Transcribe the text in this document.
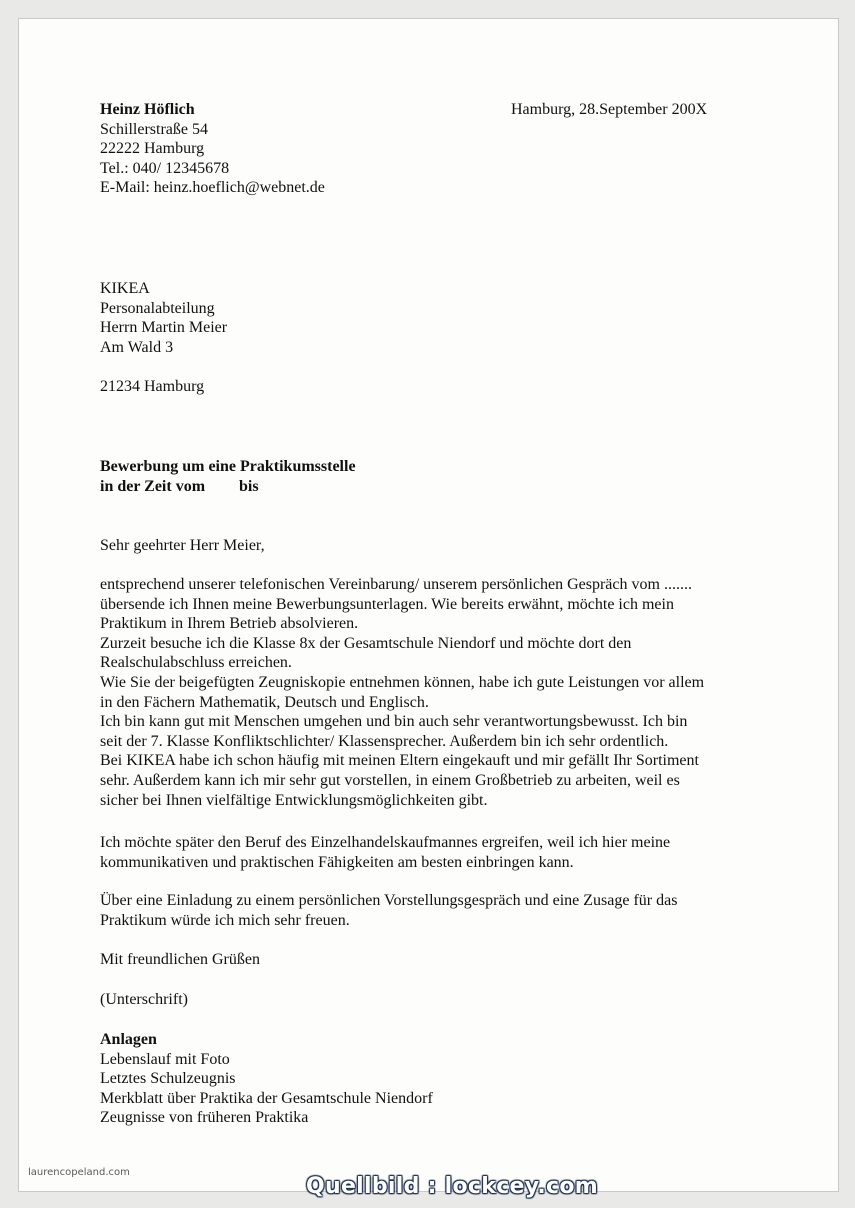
Heinz Höflich
Schillerstraße 54
22222 Hamburg
Tel.: 040/ 12345678
E-Mail: heinz.hoeflich@webnet.de
Hamburg, 28.September 200X
KIKEA
Personalabteilung
Herrn Martin Meier
Am Wald 3
21234 Hamburg
Bewerbung um eine Praktikumsstelle
in der Zeit vom bis
Sehr geehrter Herr Meier,
entsprechend unserer telefonischen Vereinbarung/ unserem persönlichen Gespräch vom .......
übersende ich Ihnen meine Bewerbungsunterlagen. Wie bereits erwähnt, möchte ich mein
Praktikum in Ihrem Betrieb absolvieren.
Zurzeit besuche ich die Klasse 8x der Gesamtschule Niendorf und möchte dort den
Realschulabschluss erreichen.
Wie Sie der beigefügten Zeugniskopie entnehmen können, habe ich gute Leistungen vor allem
in den Fächern Mathematik, Deutsch und Englisch.
Ich bin kann gut mit Menschen umgehen und bin auch sehr verantwortungsbewusst. Ich bin
seit der 7. Klasse Konfliktschlichter/ Klassensprecher. Außerdem bin ich sehr ordentlich.
Bei KIKEA habe ich schon häufig mit meinen Eltern eingekauft und mir gefällt Ihr Sortiment
sehr. Außerdem kann ich mir sehr gut vorstellen, in einem Großbetrieb zu arbeiten, weil es
sicher bei Ihnen vielfältige Entwicklungsmöglichkeiten gibt.
Ich möchte später den Beruf des Einzelhandelskaufmannes ergreifen, weil ich hier meine
kommunikativen und praktischen Fähigkeiten am besten einbringen kann.
Über eine Einladung zu einem persönlichen Vorstellungsgespräch und eine Zusage für das
Praktikum würde ich mich sehr freuen.
Mit freundlichen Grüßen
(Unterschrift)
Anlagen
Lebenslauf mit Foto
Letztes Schulzeugnis
Merkblatt über Praktika der Gesamtschule Niendorf
Zeugnisse von früheren Praktika
laurencopeland.com
Quellbild : lockcey.com
